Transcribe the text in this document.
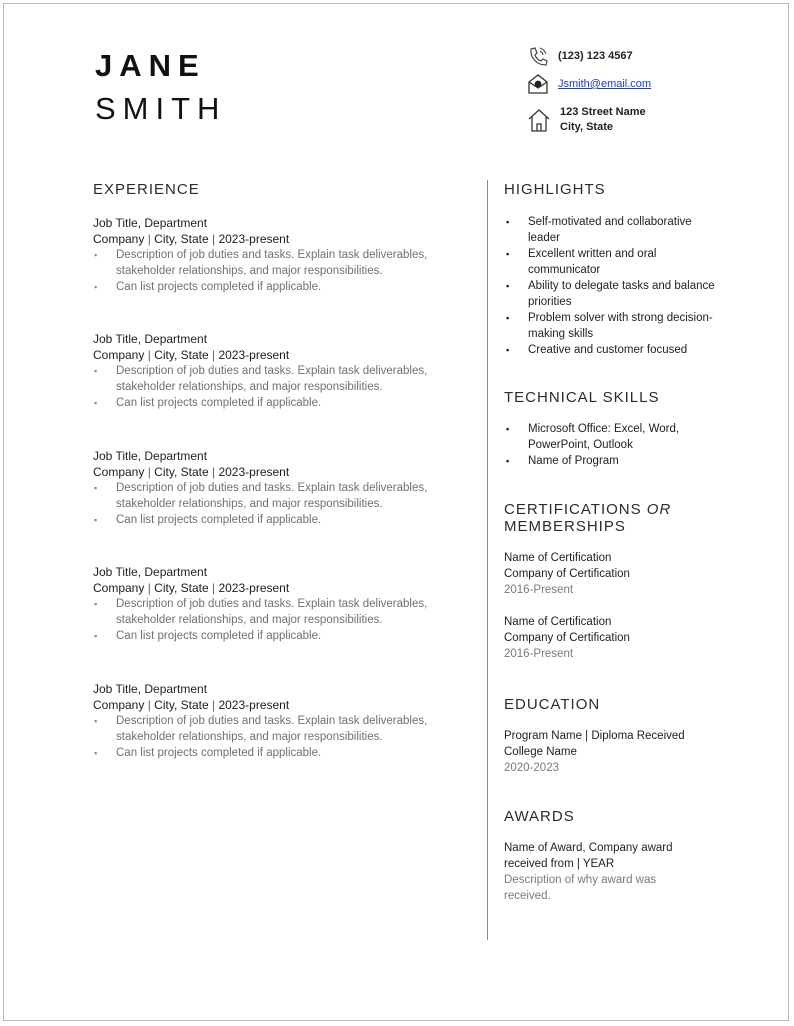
JANE
SMITH
(123) 123 4567
Jsmith@email.com
123 Street Name
City, State
EXPERIENCE
Job Title, Department
Company | City, State | 2023-present
▪ Description of job duties and tasks. Explain task deliverables, stakeholder relationships, and major responsibilities.
▪ Can list projects completed if applicable.
Job Title, Department
Company | City, State | 2023-present
▪ Description of job duties and tasks. Explain task deliverables, stakeholder relationships, and major responsibilities.
▪ Can list projects completed if applicable.
Job Title, Department
Company | City, State | 2023-present
▪ Description of job duties and tasks. Explain task deliverables, stakeholder relationships, and major responsibilities.
▪ Can list projects completed if applicable.
Job Title, Department
Company | City, State | 2023-present
▪ Description of job duties and tasks. Explain task deliverables, stakeholder relationships, and major responsibilities.
▪ Can list projects completed if applicable.
Job Title, Department
Company | City, State | 2023-present
▪ Description of job duties and tasks. Explain task deliverables, stakeholder relationships, and major responsibilities.
▪ Can list projects completed if applicable.
HIGHLIGHTS
▪ Self-motivated and collaborative leader
▪ Excellent written and oral communicator
▪ Ability to delegate tasks and balance priorities
▪ Problem solver with strong decision-making skills
▪ Creative and customer focused
TECHNICAL SKILLS
▪ Microsoft Office: Excel, Word, PowerPoint, Outlook
▪ Name of Program
CERTIFICATIONS OR
MEMBERSHIPS
Name of Certification
Company of Certification
2016-Present
Name of Certification
Company of Certification
2016-Present
EDUCATION
Program Name | Diploma Received
College Name
2020-2023
AWARDS
Name of Award, Company award
received from | YEAR
Description of why award was received.
